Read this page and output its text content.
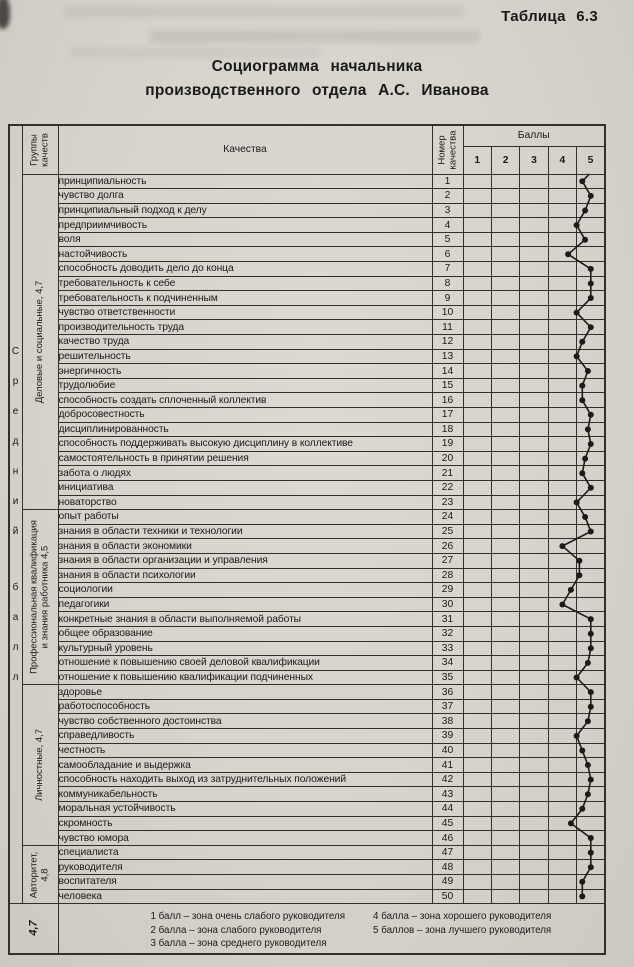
Таблица 6.3
Социограмма начальника
производственного отдела А.С. Иванова
С
р
е
д
н
и
й
б
а
л
л

Группы качеств	Качества	Номер качества	Баллы
				1	2	3	4	5

	Деловые и социальные, 4,7	принципиальность	1					
		чувство долга	2					
		принципиальный подход к делу	3					
		предприимчивость	4					
		воля	5					
		настойчивость	6					
		способность доводить дело до конца	7					
		требовательность к себе	8					
		требовательность к подчиненным	9					
		чувство ответственности	10					
		производительность труда	11					
		качество труда	12					
		решительность	13					
		энергичность	14					
		трудолюбие	15					
		способность создать сплоченный коллектив	16					
		добросовестность	17					
		дисциплинированность	18					
		способность поддерживать высокую дисциплину в коллективе	19					
		самостоятельность в принятии решения	20					
		забота о людях	21					
		инициатива	22					
		новаторство	23					

	Профессиональная квалификация и знания работника 4,5	опыт работы	24					
		знания в области техники и технологии	25					
		знания в области экономики	26					
		знания в области организации и управления	27					
		знания в области психологии	28					
		социологии	29					
		педагогики	30					
		конкретные знания в области выполняемой работы	31					
		общее образование	32					
		культурный уровень	33					
		отношение к повышению своей деловой квалификации	34					
		отношение к повышению квалификации подчиненных	35					

	Личностные, 4,7	здоровье	36					
		работоспособность	37					
		чувство собственного достоинства	38					
		справедливость	39					
		честность	40					
		самообладание и выдержка	41					
		способность находить выход из затруднительных положений	42					
		коммуникабельность	43					
		моральная устойчивость	44					
		скромность	45					
		чувство юмора	46					

	Авторитет, 4,8	специалиста	47					
		руководителя	48					
		воспитателя	49					
		человека	50					

4,7		1 балл – зона очень слабого руководителя
2 балла – зона слабого руководителя
3 балла – зона среднего руководителя
4 балла – зона хорошего руководителя
5 баллов – зона лучшего руководителя						
